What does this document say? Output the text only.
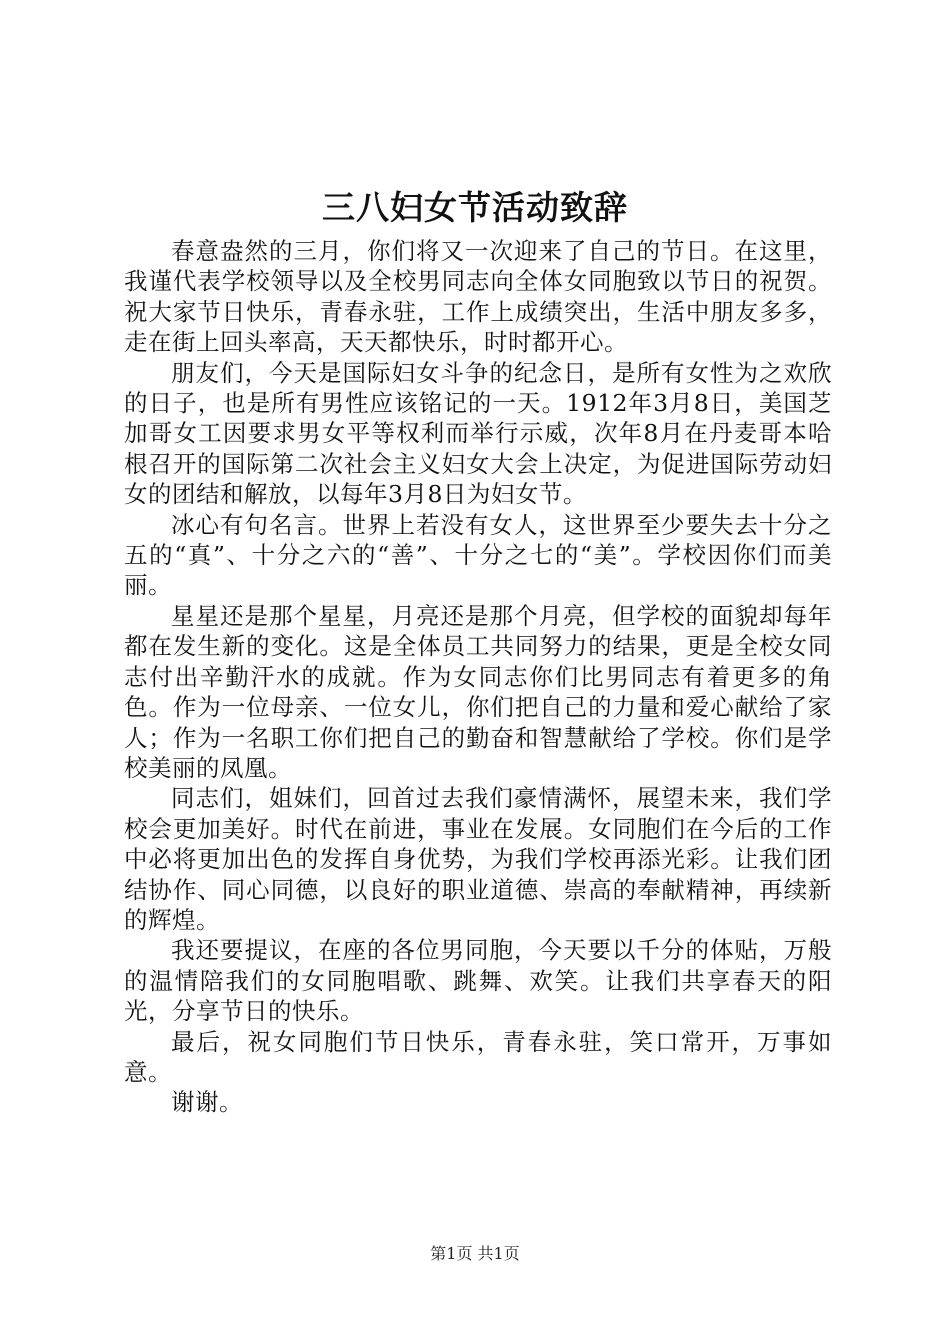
三八妇女节活动致辞

春意盎然的三月，你们将又一次迎来了自己的节日。在这里，我谨代表学校领导以及全校男同志向全体女同胞致以节日的祝贺。祝大家节日快乐，青春永驻，工作上成绩突出，生活中朋友多多，走在街上回头率高，天天都快乐，时时都开心。

朋友们，今天是国际妇女斗争的纪念日，是所有女性为之欢欣的日子，也是所有男性应该铭记的一天。1912年3月8日，美国芝加哥女工因要求男女平等权利而举行示威，次年8月在丹麦哥本哈根召开的国际第二次社会主义妇女大会上决定，为促进国际劳动妇女的团结和解放，以每年3月8日为妇女节。

冰心有句名言。世界上若没有女人，这世界至少要失去十分之五的“真”、十分之六的“善”、十分之七的“美”。学校因你们而美丽。

星星还是那个星星，月亮还是那个月亮，但学校的面貌却每年都在发生新的变化。这是全体员工共同努力的结果，更是全校女同志付出辛勤汗水的成就。作为女同志你们比男同志有着更多的角色。作为一位母亲、一位女儿，你们把自己的力量和爱心献给了家人；作为一名职工你们把自己的勤奋和智慧献给了学校。你们是学校美丽的凤凰。

同志们，姐妹们，回首过去我们豪情满怀，展望未来，我们学校会更加美好。时代在前进，事业在发展。女同胞们在今后的工作中必将更加出色的发挥自身优势，为我们学校再添光彩。让我们团结协作、同心同德，以良好的职业道德、崇高的奉献精神，再续新的辉煌。

我还要提议，在座的各位男同胞，今天要以千分的体贴，万般的温情陪我们的女同胞唱歌、跳舞、欢笑。让我们共享春天的阳光，分享节日的快乐。

最后，祝女同胞们节日快乐，青春永驻，笑口常开，万事如意。

谢谢。

第1页 共1页
